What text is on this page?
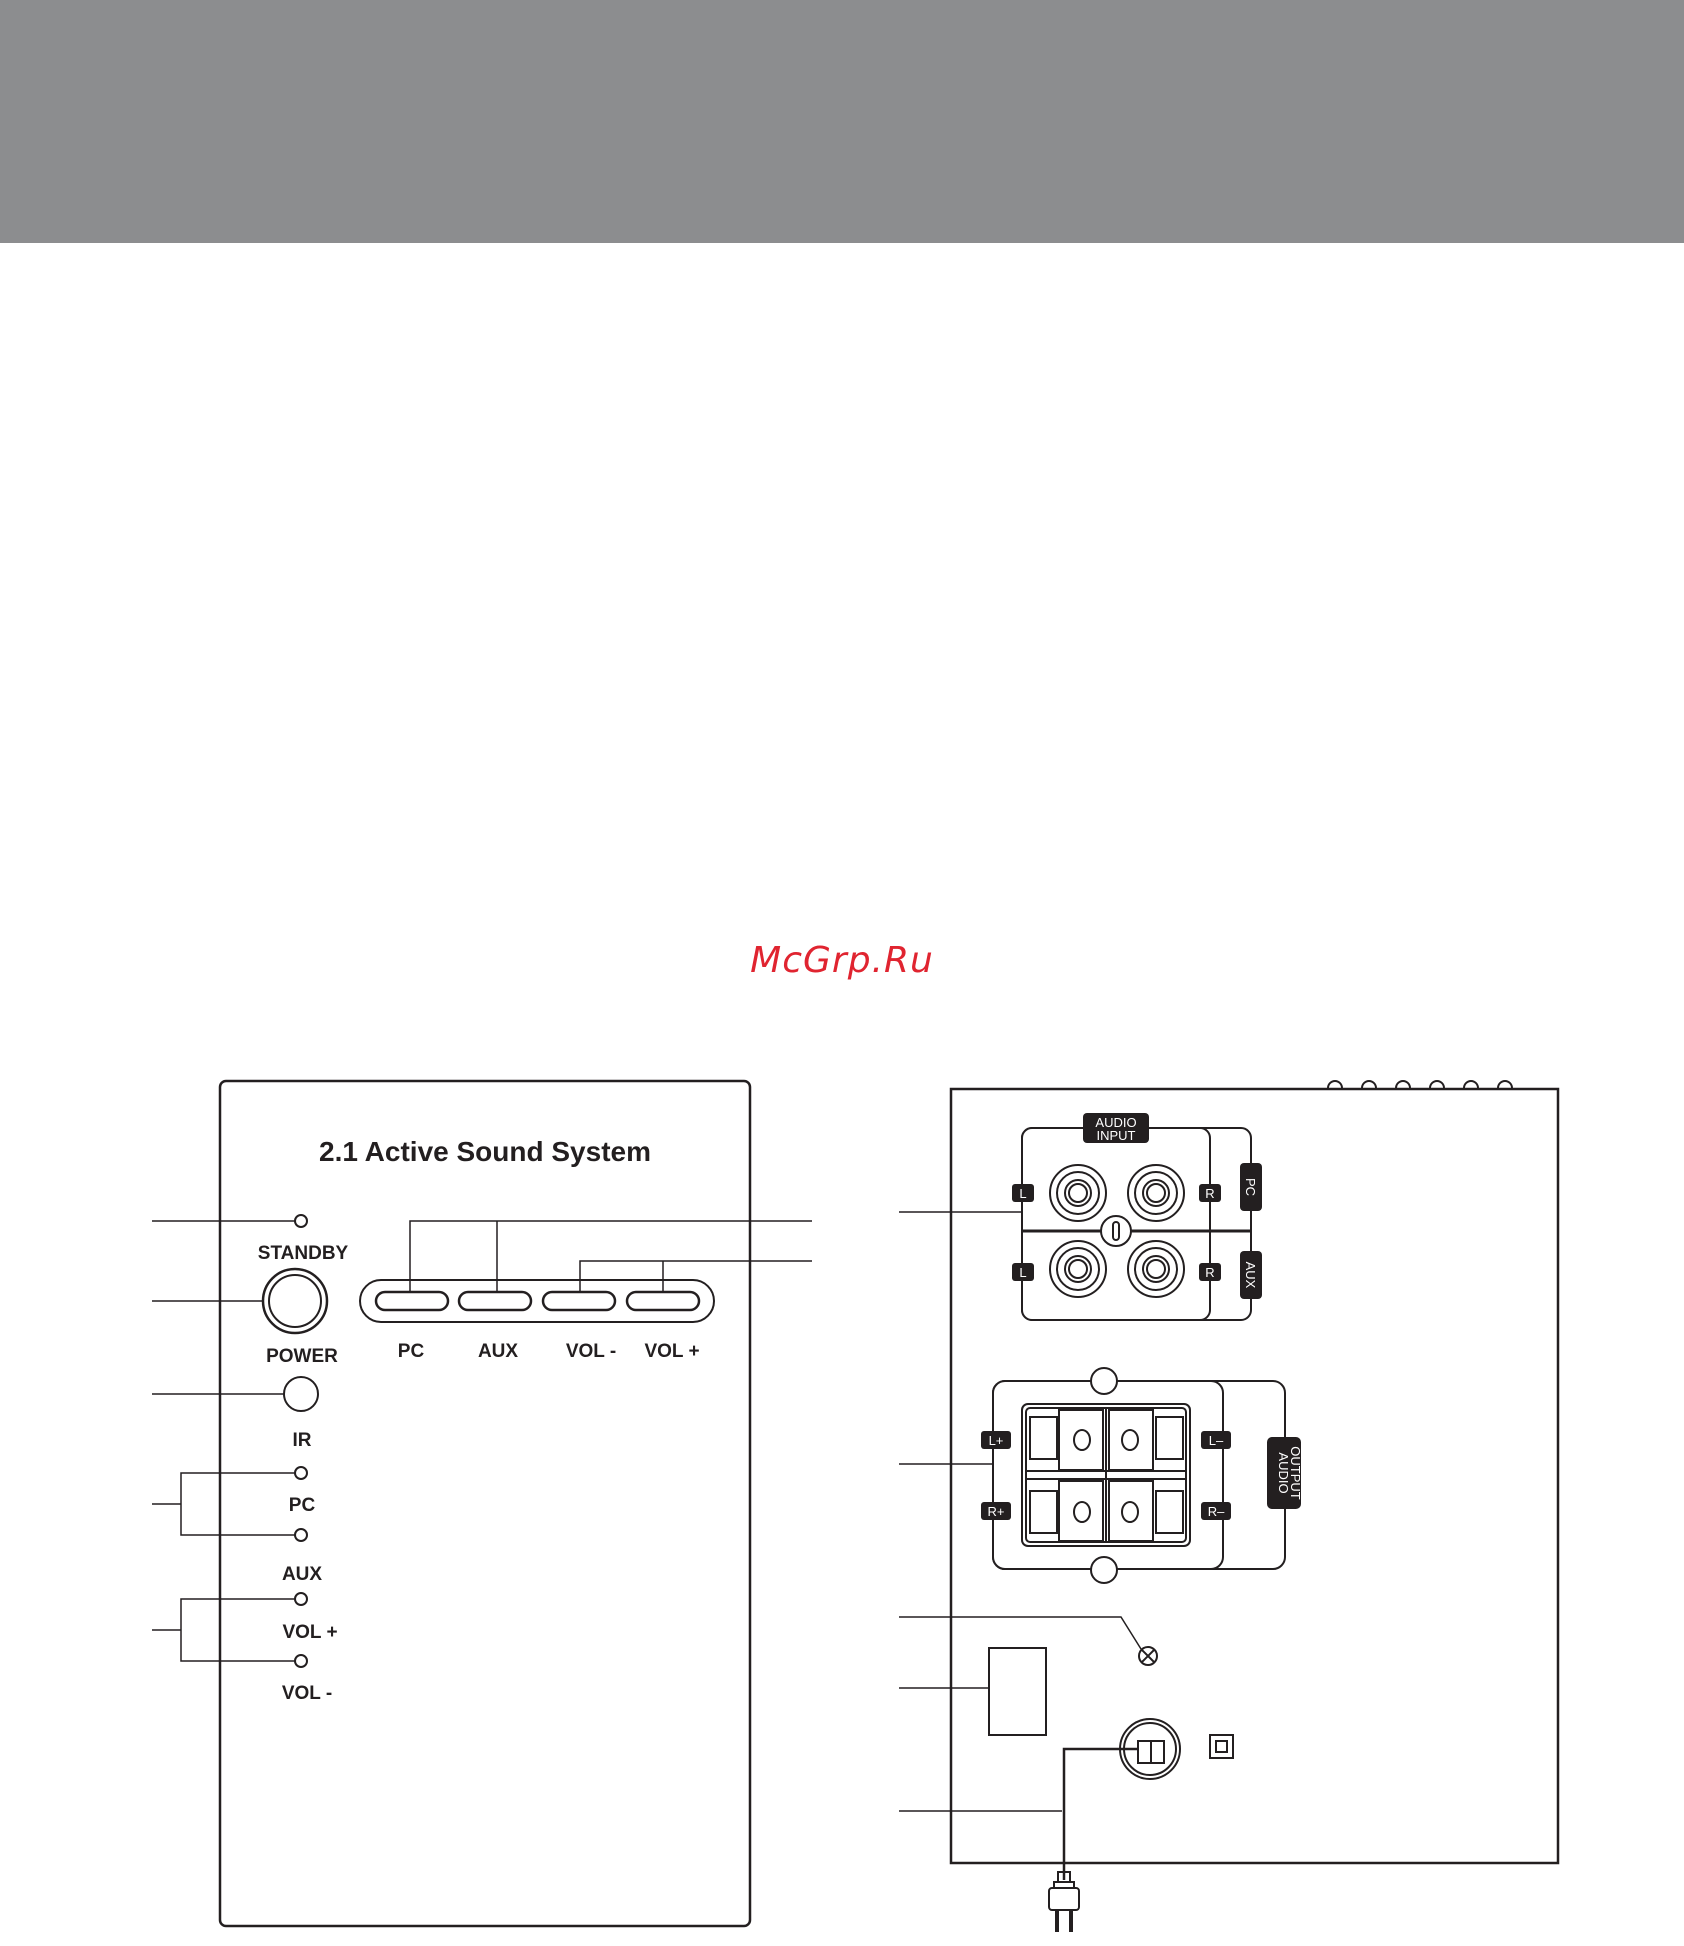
McGrp.Ru
2.1 Active Sound System
STANDBY
POWER
IR
PC
AUX
VOL +
VOL -
PC	AUX	VOL - VOL +
AUDIO
INPUT
L	R
L	R
PC
AUX
L+
R+
L–
R–
AUDIO
OUTPUT
